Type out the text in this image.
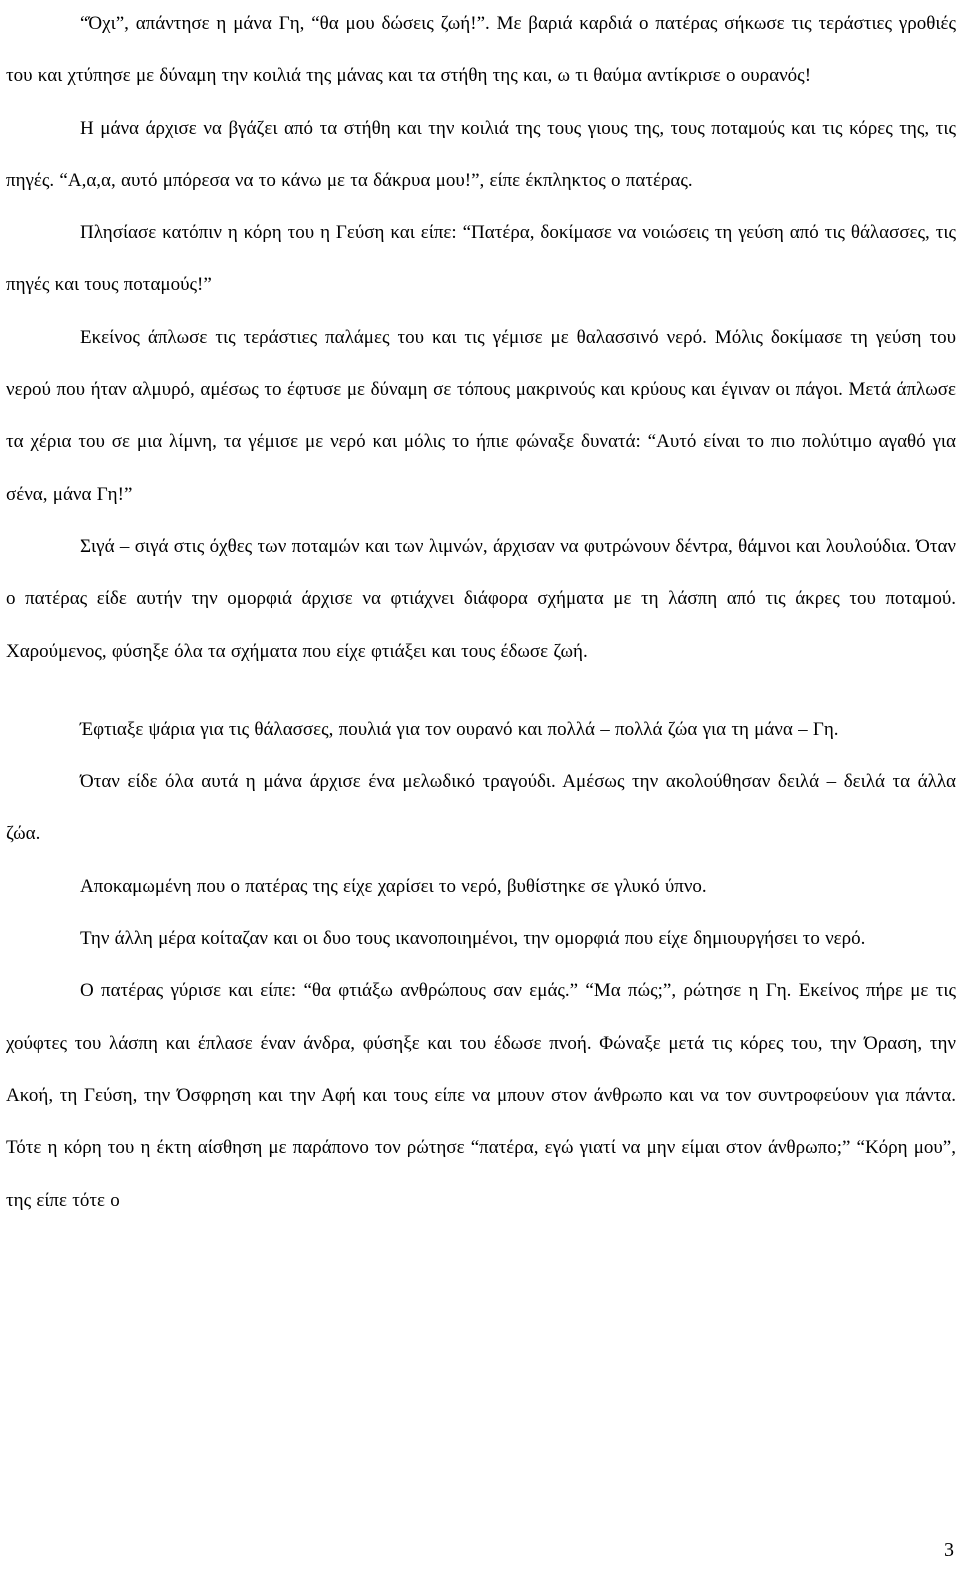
“Όχι”, απάντησε η μάνα Γη, “θα μου δώσεις ζωή!”. Με βαριά καρδιά ο πατέρας σήκωσε τις τεράστιες γροθιές του και χτύπησε με δύναμη την κοιλιά της μάνας και τα στήθη της και, ω τι θαύμα αντίκρισε ο ουρανός!

Η μάνα άρχισε να βγάζει από τα στήθη και την κοιλιά της τους γιους της, τους ποταμούς και τις κόρες της, τις πηγές. “Α,α,α, αυτό μπόρεσα να το κάνω με τα δάκρυα μου!”, είπε έκπληκτος ο πατέρας.

Πλησίασε κατόπιν η κόρη του η Γεύση και είπε: “Πατέρα, δοκίμασε να νοιώσεις τη γεύση από τις θάλασσες, τις πηγές και τους ποταμούς!”

Εκείνος άπλωσε τις τεράστιες παλάμες του και τις γέμισε με θαλασσινό νερό. Μόλις δοκίμασε τη γεύση του νερού που ήταν αλμυρό, αμέσως το έφτυσε με δύναμη σε τόπους μακρινούς και κρύους και έγιναν οι πάγοι. Μετά άπλωσε τα χέρια του σε μια λίμνη, τα γέμισε με νερό και μόλις το ήπιε φώναξε δυνατά: “Αυτό είναι το πιο πολύτιμο αγαθό για σένα, μάνα Γη!”

Σιγά – σιγά στις όχθες των ποταμών και των λιμνών, άρχισαν να φυτρώνουν δέντρα, θάμνοι και λουλούδια. Όταν ο πατέρας είδε αυτήν την ομορφιά άρχισε να φτιάχνει διάφορα σχήματα με τη λάσπη από τις άκρες του ποταμού. Χαρούμενος, φύσηξε όλα τα σχήματα που είχε φτιάξει και τους έδωσε ζωή.

Έφτιαξε ψάρια για τις θάλασσες, πουλιά για τον ουρανό και πολλά – πολλά ζώα για τη μάνα – Γη.

Όταν είδε όλα αυτά η μάνα άρχισε ένα μελωδικό τραγούδι. Αμέσως την ακολούθησαν δειλά – δειλά τα άλλα ζώα.

Αποκαμωμένη που ο πατέρας της είχε χαρίσει το νερό, βυθίστηκε σε γλυκό ύπνο.

Την άλλη μέρα κοίταζαν και οι δυο τους ικανοποιημένοι, την ομορφιά που είχε δημιουργήσει το νερό.

Ο πατέρας γύρισε και είπε: “θα φτιάξω ανθρώπους σαν εμάς.” “Μα πώς;”, ρώτησε η Γη. Εκείνος πήρε με τις χούφτες του λάσπη και έπλασε έναν άνδρα, φύσηξε και του έδωσε πνοή. Φώναξε μετά τις κόρες του, την Όραση, την Ακοή, τη Γεύση, την Όσφρηση και την Αφή και τους είπε να μπουν στον άνθρωπο και να τον συντροφεύουν για πάντα. Τότε η κόρη του η έκτη αίσθηση με παράπονο τον ρώτησε “πατέρα, εγώ γιατί να μην είμαι στον άνθρωπο;” “Κόρη μου”, της είπε τότε ο

3
